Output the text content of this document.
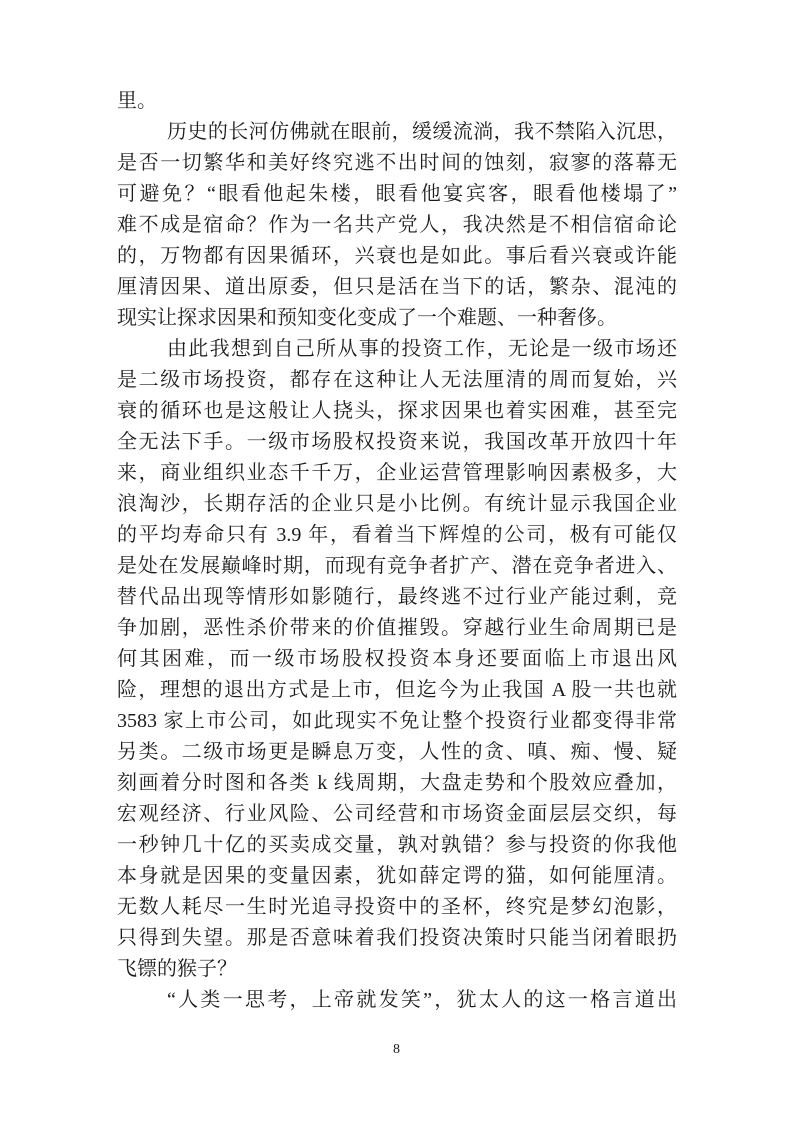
里。

历史的长河仿佛就在眼前，缓缓流淌，我不禁陷入沉思，

是否一切繁华和美好终究逃不出时间的蚀刻，寂寥的落幕无

可避免？“眼看他起朱楼，眼看他宴宾客，眼看他楼塌了”

难不成是宿命？作为一名共产党人，我决然是不相信宿命论

的，万物都有因果循环，兴衰也是如此。事后看兴衰或许能

厘清因果、道出原委，但只是活在当下的话，繁杂、混沌的

现实让探求因果和预知变化变成了一个难题、一种奢侈。

由此我想到自己所从事的投资工作，无论是一级市场还

是二级市场投资，都存在这种让人无法厘清的周而复始，兴

衰的循环也是这般让人挠头，探求因果也着实困难，甚至完

全无法下手。一级市场股权投资来说，我国改革开放四十年

来，商业组织业态千千万，企业运营管理影响因素极多，大

浪淘沙，长期存活的企业只是小比例。有统计显示我国企业

的平均寿命只有 3.9 年，看着当下辉煌的公司，极有可能仅

是处在发展巅峰时期，而现有竞争者扩产、潜在竞争者进入、

替代品出现等情形如影随行，最终逃不过行业产能过剩，竞

争加剧，恶性杀价带来的价值摧毁。穿越行业生命周期已是

何其困难，而一级市场股权投资本身还要面临上市退出风

险，理想的退出方式是上市，但迄今为止我国 A 股一共也就

3583 家上市公司，如此现实不免让整个投资行业都变得非常

另类。二级市场更是瞬息万变，人性的贪、嗔、痴、慢、疑

刻画着分时图和各类 k 线周期，大盘走势和个股效应叠加，

宏观经济、行业风险、公司经营和市场资金面层层交织，每

一秒钟几十亿的买卖成交量，孰对孰错？参与投资的你我他

本身就是因果的变量因素，犹如薛定谔的猫，如何能厘清。

无数人耗尽一生时光追寻投资中的圣杯，终究是梦幻泡影，

只得到失望。那是否意味着我们投资决策时只能当闭着眼扔

飞镖的猴子？

“人类一思考，上帝就发笑”，犹太人的这一格言道出

8
